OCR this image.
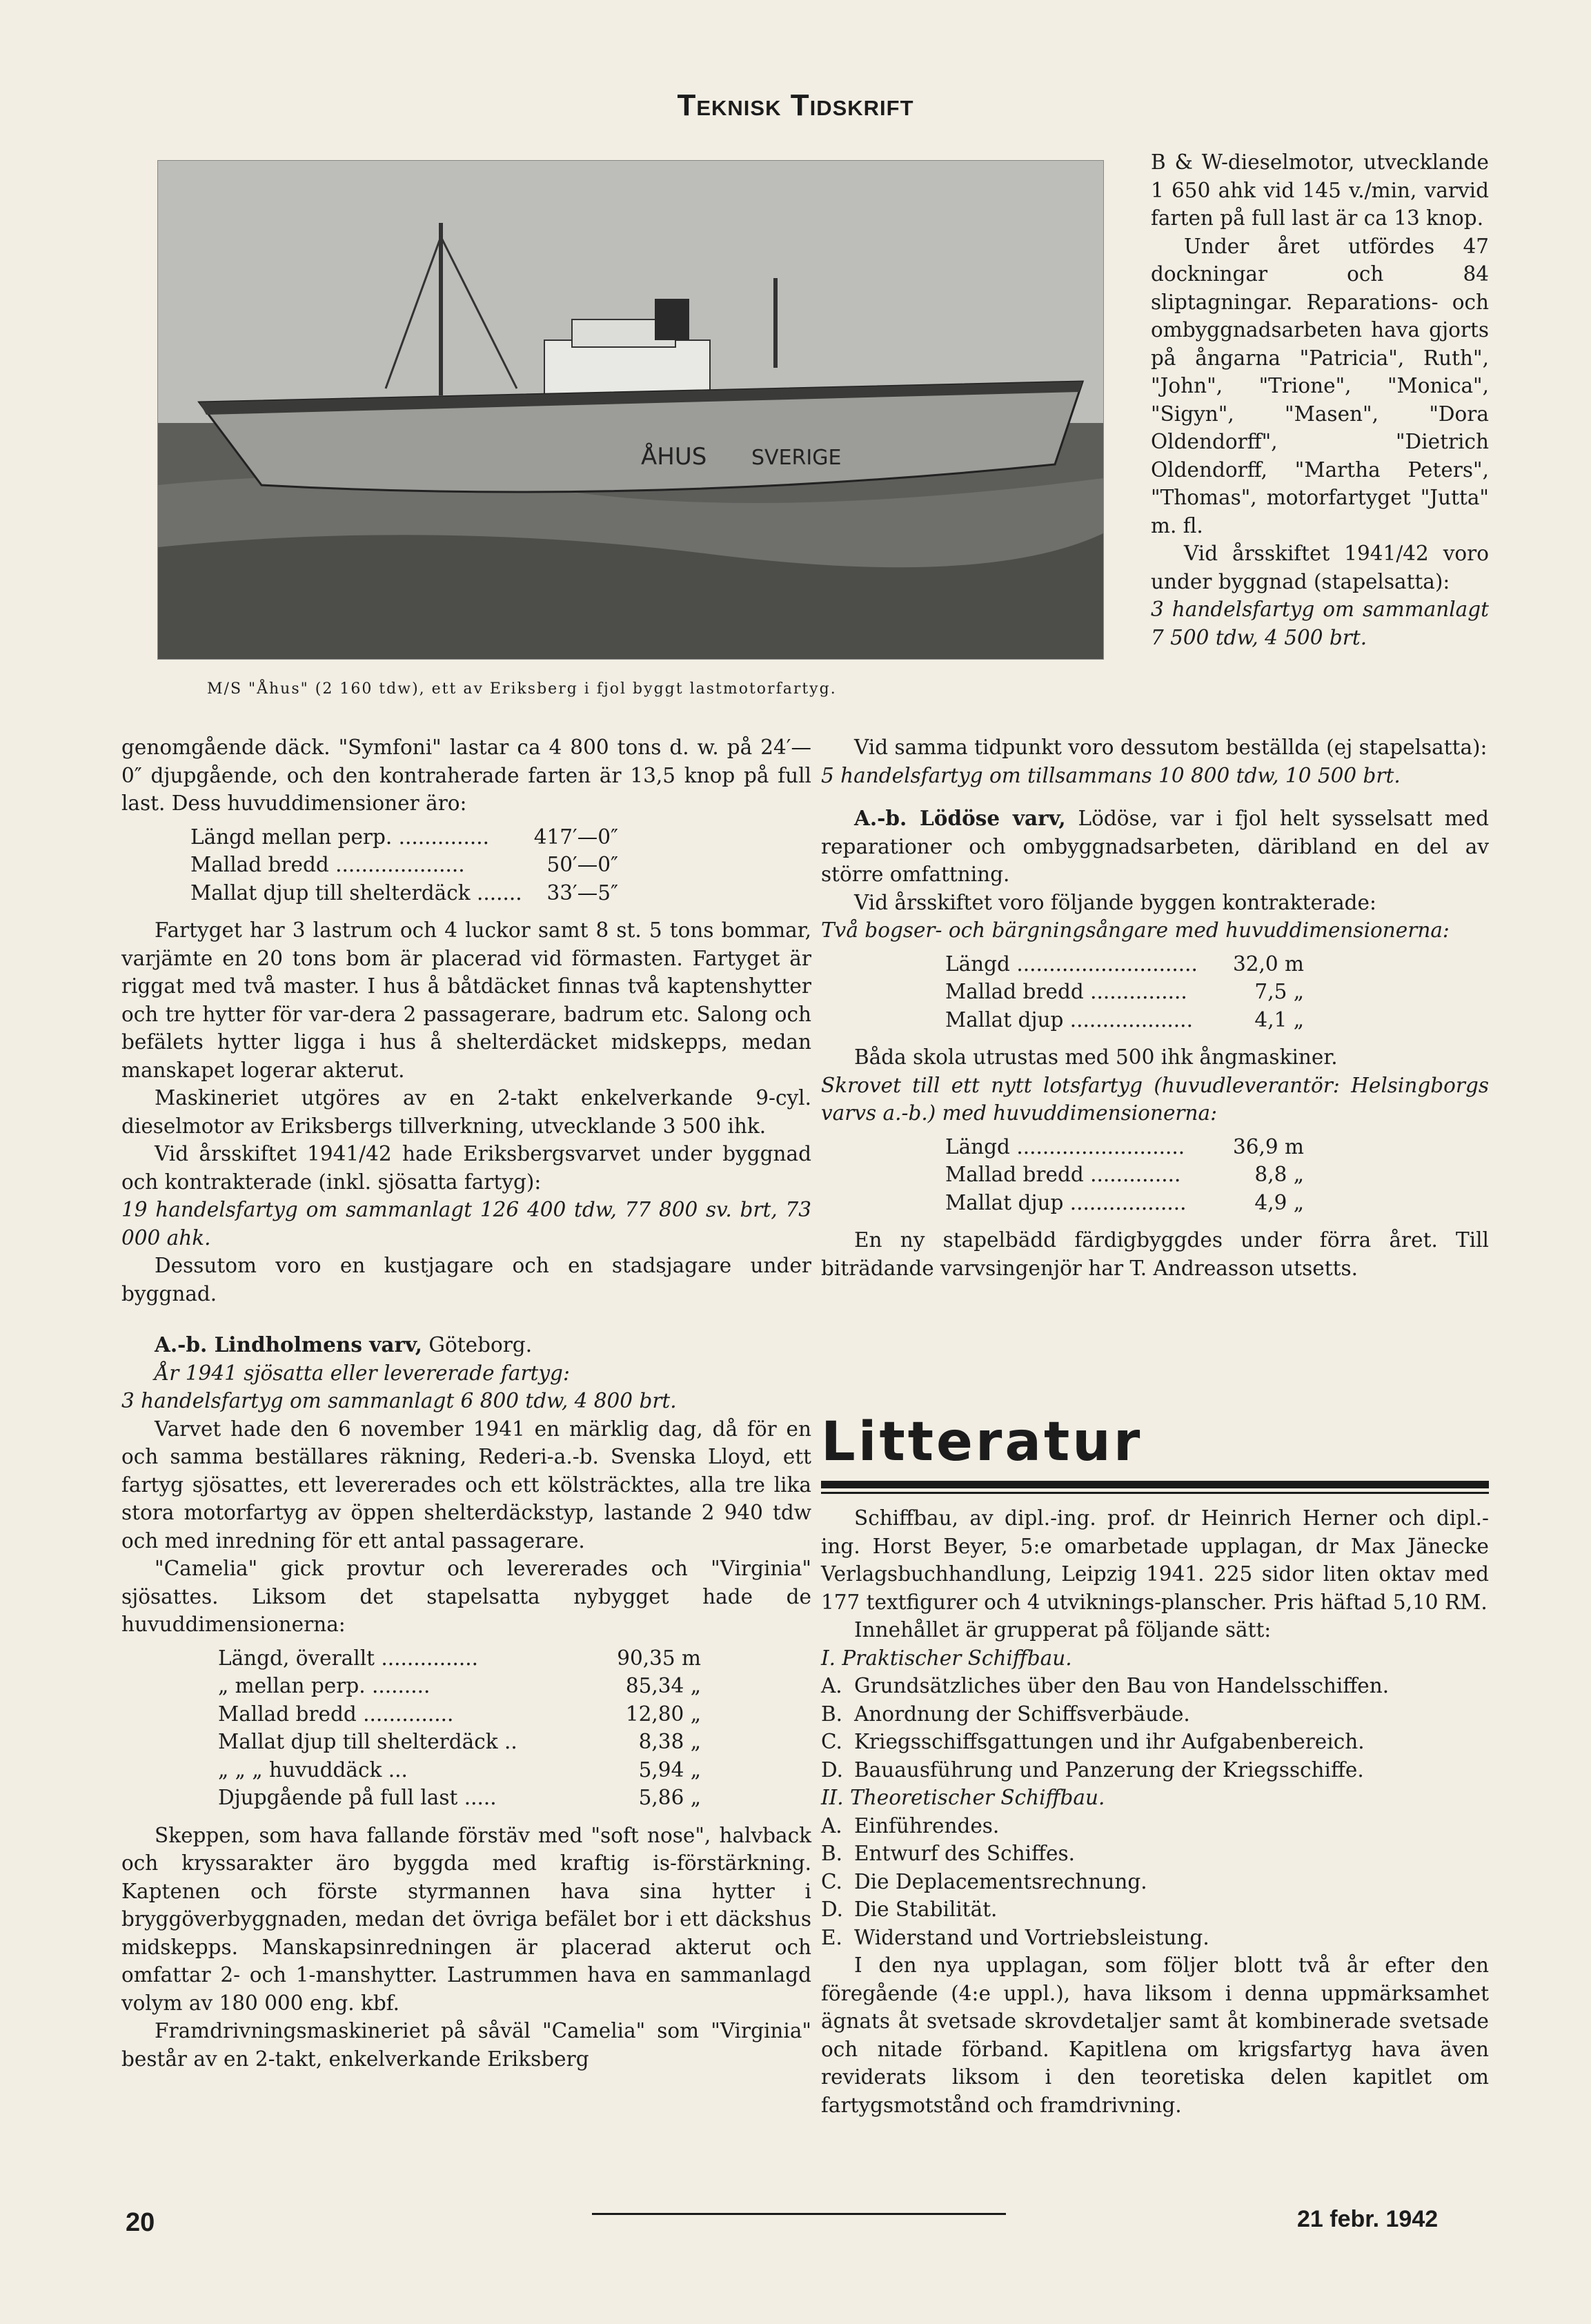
Teknisk Tidskrift
ÅHUS SVERIGE
M/S "Åhus" (2 160 tdw), ett av Eriksberg i fjol byggt lastmotorfartyg.

B & W-dieselmotor, utvecklande 1 650 ahk vid 145 v./min, varvid farten på full last är ca 13 knop.

Under året utfördes 47 dockningar och 84 sliptagningar. Reparations- och ombyggnadsarbeten hava gjorts på ångarna "Patricia", Ruth", "John", "Trione", "Monica", "Sigyn", "Masen", "Dora Oldendorff", "Dietrich Oldendorff, "Martha Peters", "Thomas", motorfartyget "Jutta" m. fl.

Vid årsskiftet 1941/42 voro under byggnad (stapelsatta):

3 handelsfartyg om sammanlagt 7 500 tdw, 4 500 brt.

genomgående däck. "Symfoni" lastar ca 4 800 tons d. w. på 24′—0″ djupgående, och den kontraherade farten är 13,5 knop på full last. Dess huvuddimensioner äro:

Längd mellan perp. ..............	417′—0″
Mallad bredd ....................	50′—0″
Mallat djup till shelterdäck .......	33′—5″

Fartyget har 3 lastrum och 4 luckor samt 8 st. 5 tons bommar, varjämte en 20 tons bom är placerad vid förmasten. Fartyget är riggat med två master. I hus å båtdäcket finnas två kaptenshytter och tre hytter för var-dera 2 passagerare, badrum etc. Salong och befälets hytter ligga i hus å shelterdäcket midskepps, medan manskapet logerar akterut.

Maskineriet utgöres av en 2-takt enkelverkande 9-cyl. dieselmotor av Eriksbergs tillverkning, utvecklande 3 500 ihk.

Vid årsskiftet 1941/42 hade Eriksbergsvarvet under byggnad och kontrakterade (inkl. sjösatta fartyg):

19 handelsfartyg om sammanlagt 126 400 tdw, 77 800 sv. brt, 73 000 ahk.

Dessutom voro en kustjagare och en stadsjagare under byggnad.

A.-b. Lindholmens varv, Göteborg.

År 1941 sjösatta eller levererade fartyg:

3 handelsfartyg om sammanlagt 6 800 tdw, 4 800 brt.

Varvet hade den 6 november 1941 en märklig dag, då för en och samma beställares räkning, Rederi-a.-b. Svenska Lloyd, ett fartyg sjösattes, ett levererades och ett kölsträcktes, alla tre lika stora motorfartyg av öppen shelterdäckstyp, lastande 2 940 tdw och med inredning för ett antal passagerare.

"Camelia" gick provtur och levererades och "Virginia" sjösattes. Liksom det stapelsatta nybygget hade de huvuddimensionerna:

Längd, överallt ...............	90,35 m
„ mellan perp. .........	85,34 „
Mallad bredd ..............	12,80 „
Mallat djup till shelterdäck ..	8,38 „
„ „ „ huvuddäck ...	5,94 „
Djupgående på full last .....	5,86 „

Skeppen, som hava fallande förstäv med "soft nose", halvback och kryssarakter äro byggda med kraftig is-förstärkning. Kaptenen och förste styrmannen hava sina hytter i bryggöverbyggnaden, medan det övriga befälet bor i ett däckshus midskepps. Manskapsinredningen är placerad akterut och omfattar 2- och 1-manshytter. Lastrummen hava en sammanlagd volym av 180 000 eng. kbf.

Framdrivningsmaskineriet på såväl "Camelia" som "Virginia" består av en 2-takt, enkelverkande Eriksberg

Vid samma tidpunkt voro dessutom beställda (ej stapelsatta):

5 handelsfartyg om tillsammans 10 800 tdw, 10 500 brt.

A.-b. Lödöse varv, Lödöse, var i fjol helt sysselsatt med reparationer och ombyggnadsarbeten, däribland en del av större omfattning.

Vid årsskiftet voro följande byggen kontrakterade:

Två bogser- och bärgningsångare med huvuddimensionerna:

Längd ............................	32,0 m
Mallad bredd ...............	7,5 „
Mallat djup ...................	4,1 „

Båda skola utrustas med 500 ihk ångmaskiner.

Skrovet till ett nytt lotsfartyg (huvudleverantör: Helsingborgs varvs a.-b.) med huvuddimensionerna:

Längd ..........................	36,9 m
Mallad bredd ..............	8,8 „
Mallat djup ..................	4,9 „

En ny stapelbädd färdigbyggdes under förra året. Till biträdande varvsingenjör har T. Andreasson utsetts.

Litteratur

Schiffbau, av dipl.-ing. prof. dr Heinrich Herner och dipl.-ing. Horst Beyer, 5:e omarbetade upplagan, dr Max Jänecke Verlagsbuchhandlung, Leipzig 1941. 225 sidor liten oktav med 177 textfigurer och 4 utviknings-planscher. Pris häftad 5,10 RM.

Innehållet är grupperat på följande sätt:

I. Praktischer Schiffbau.

A. Grundsätzliches über den Bau von Handelsschiffen.
B. Anordnung der Schiffsverbäude.
C. Kriegsschiffsgattungen und ihr Aufgabenbereich.
D. Bauausführung und Panzerung der Kriegsschiffe.

II. Theoretischer Schiffbau.

A. Einführendes.
B. Entwurf des Schiffes.
C. Die Deplacementsrechnung.
D. Die Stabilität.
E. Widerstand und Vortriebsleistung.

I den nya upplagan, som följer blott två år efter den föregående (4:e uppl.), hava liksom i denna uppmärksamhet ägnats åt svetsade skrovdetaljer samt åt kombinerade svetsade och nitade förband. Kapitlena om krigsfartyg hava även reviderats liksom i den teoretiska delen kapitlet om fartygsmotstånd och framdrivning.

20	21 febr. 1942
